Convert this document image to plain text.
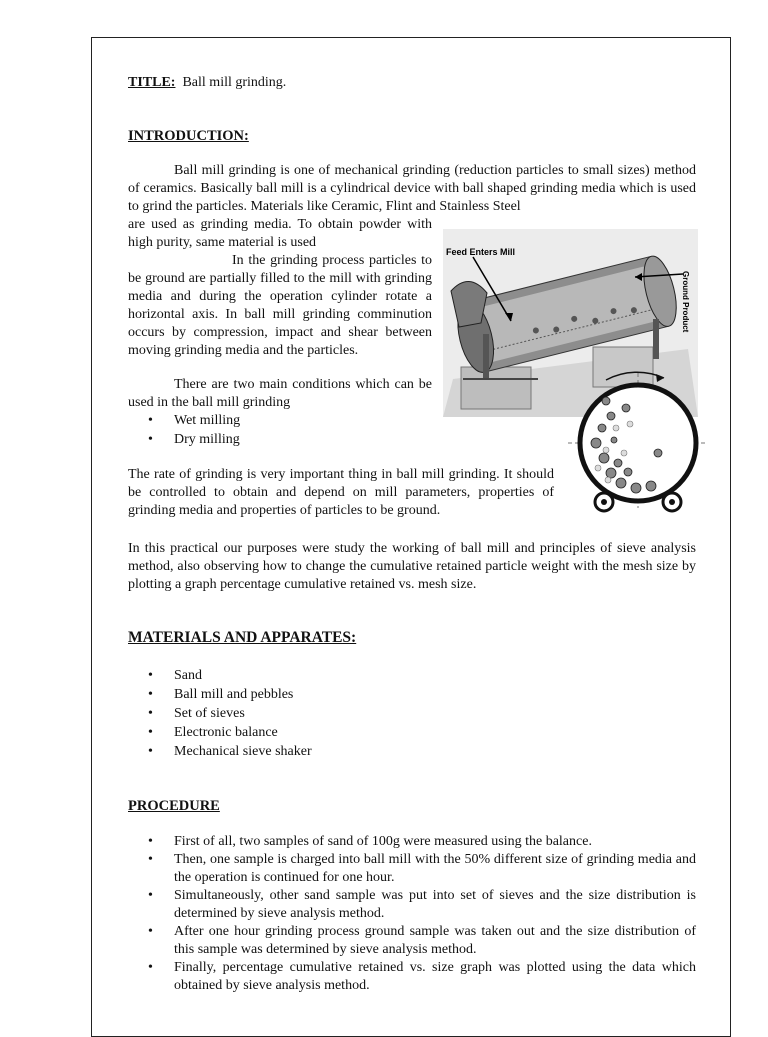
TITLE: Ball mill grinding.
INTRODUCTION:
Ball mill grinding is one of mechanical grinding (reduction particles to small sizes) method of ceramics. Basically ball mill is a cylindrical device with ball shaped grinding media which is used to grind the particles. Materials like Ceramic, Flint and Stainless Steel
are used as grinding media. To obtain powder with high purity, same material is used
In the grinding process particles to be ground are partially filled to the mill with grinding media and during the operation cylinder rotate a horizontal axis. In ball mill grinding comminution occurs by compression, impact and shear between moving grinding media and the particles.
There are two main conditions which can be used in the ball mill grinding
• Wet milling
• Dry milling
The rate of grinding is very important thing in ball mill grinding. It should be controlled to obtain and depend on mill parameters, properties of grinding media and properties of particles to be ground.
In this practical our purposes were study the working of ball mill and principles of sieve analysis method, also observing how to change the cumulative retained particle weight with the mesh size by plotting a graph percentage cumulative retained vs. mesh size.
Feed Enters Mill
Ground Product
MATERIALS AND APPARATES:
• Sand
• Ball mill and pebbles
• Set of sieves
• Electronic balance
• Mechanical sieve shaker
PROCEDURE
• First of all, two samples of sand of 100g were measured using the balance.
• Then, one sample is charged into ball mill with the 50% different size of grinding media and the operation is continued for one hour.
• Simultaneously, other sand sample was put into set of sieves and the size distribution is determined by sieve analysis method.
• After one hour grinding process ground sample was taken out and the size distribution of this sample was determined by sieve analysis method.
• Finally, percentage cumulative retained vs. size graph was plotted using the data which obtained by sieve analysis method.
